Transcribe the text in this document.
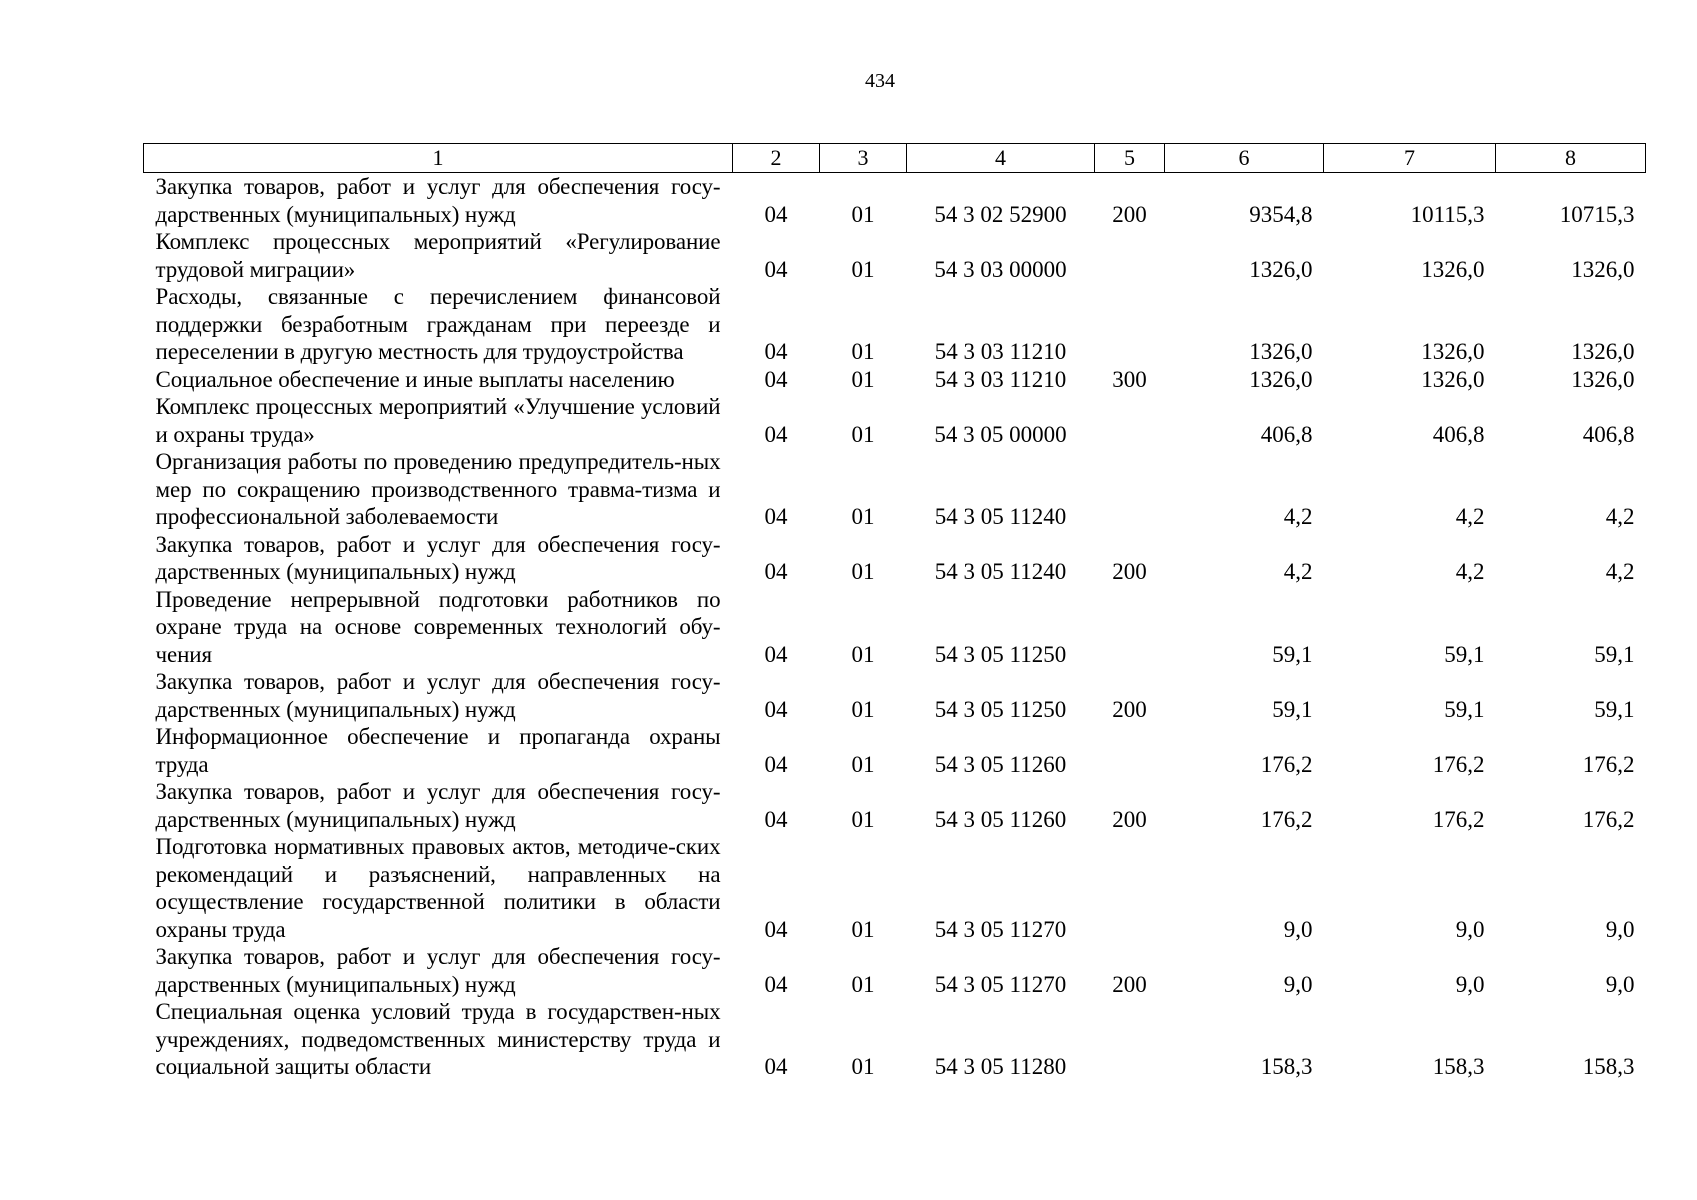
434
1	2	3	4	5	6	7	8
Закупка товаров, работ и услуг для обеспечения госу-дарственных (муниципальных) нужд	04	01	54 3 02 52900	200	9354,8	10115,3	10715,3
Комплекс процессных мероприятий «Регулирование трудовой миграции»	04	01	54 3 03 00000		1326,0	1326,0	1326,0
Расходы, связанные с перечислением финансовой поддержки безработным гражданам при переезде и переселении в другую местность для трудоустройства	04	01	54 3 03 11210		1326,0	1326,0	1326,0
Социальное обеспечение и иные выплаты населению	04	01	54 3 03 11210	300	1326,0	1326,0	1326,0
Комплекс процессных мероприятий «Улучшение условий и охраны труда»	04	01	54 3 05 00000		406,8	406,8	406,8
Организация работы по проведению предупредитель-ных мер по сокращению производственного травма-тизма и профессиональной заболеваемости	04	01	54 3 05 11240		4,2	4,2	4,2
Закупка товаров, работ и услуг для обеспечения госу-дарственных (муниципальных) нужд	04	01	54 3 05 11240	200	4,2	4,2	4,2
Проведение непрерывной подготовки работников по охране труда на основе современных технологий обу-чения	04	01	54 3 05 11250		59,1	59,1	59,1
Закупка товаров, работ и услуг для обеспечения госу-дарственных (муниципальных) нужд	04	01	54 3 05 11250	200	59,1	59,1	59,1
Информационное обеспечение и пропаганда охраны труда	04	01	54 3 05 11260		176,2	176,2	176,2
Закупка товаров, работ и услуг для обеспечения госу-дарственных (муниципальных) нужд	04	01	54 3 05 11260	200	176,2	176,2	176,2
Подготовка нормативных правовых актов, методиче-ских рекомендаций и разъяснений, направленных на осуществление государственной политики в области охраны труда	04	01	54 3 05 11270		9,0	9,0	9,0
Закупка товаров, работ и услуг для обеспечения госу-дарственных (муниципальных) нужд	04	01	54 3 05 11270	200	9,0	9,0	9,0
Специальная оценка условий труда в государствен-ных учреждениях, подведомственных министерству труда и социальной защиты области	04	01	54 3 05 11280		158,3	158,3	158,3
